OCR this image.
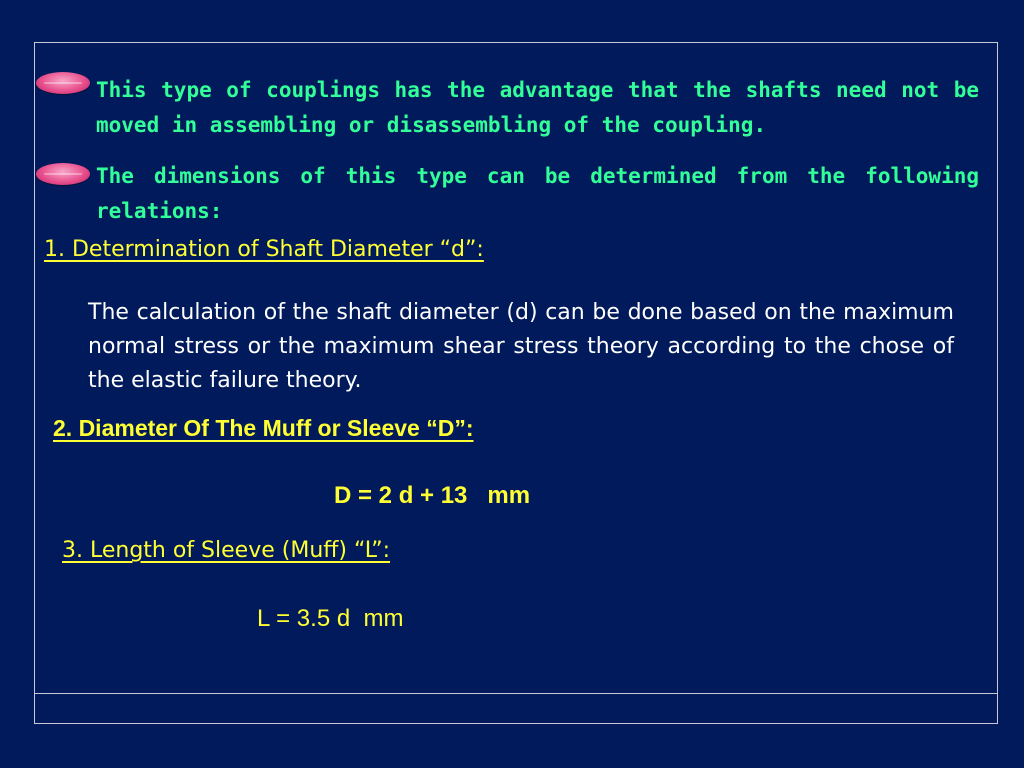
This type of couplings has the advantage that the shafts need not be moved in assembling or disassembling of the coupling.

The dimensions of this type can be determined from the following relations:

1. Determination of Shaft Diameter “d”:

The calculation of the shaft diameter (d) can be done based on the maximum normal stress or the maximum shear stress theory according to the chose of the elastic failure theory.

2. Diameter Of The Muff or Sleeve “D”:

D = 2 d + 13   mm

3. Length of Sleeve (Muff) “L”:

L = 3.5 d  mm
